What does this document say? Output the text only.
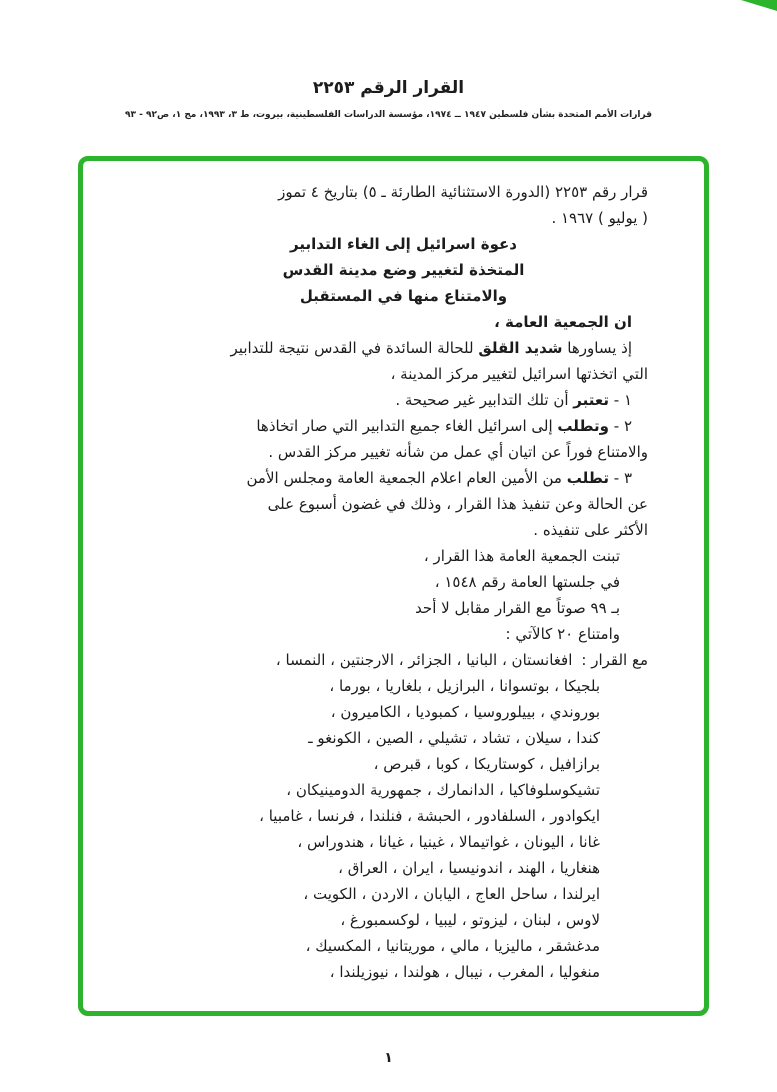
القرار الرقم ٢٢٥٣
قرارات الأمم المتحدة بشأن فلسطين ١٩٤٧ ــ ١٩٧٤، مؤسسة الدراسات الفلسطينية، بيروت، ط ٣، ١٩٩٣، مج ١، ص٩٢ - ٩٣
قرار رقم ٢٢٥٣ (الدورة الاستثنائية الطارئة ـ ٥) بتاريخ ٤ تموز
( يوليو ) ١٩٦٧ .
دعوة اسرائيل إلى الغاء التدابير
المتخذة لتغيير وضع مدينة القدس
والامتناع منها في المستقبل
ان الجمعية العامة ،
إذ يساورها شديد القلق للحالة السائدة في القدس نتيجة للتدابير
التي اتخذتها اسرائيل لتغيير مركز المدينة ،
١ - تعتبر أن تلك التدابير غير صحيحة .
٢ - وتطلب إلى اسرائيل الغاء جميع التدابير التي صار اتخاذها
والامتناع فوراً عن اتيان أي عمل من شأنه تغيير مركز القدس .
٣ - تطلب من الأمين العام اعلام الجمعية العامة ومجلس الأمن
عن الحالة وعن تنفيذ هذا القرار ، وذلك في غضون أسبوع على
الأكثر على تنفيذه .
تبنت الجمعية العامة هذا القرار ،
في جلستها العامة رقم ١٥٤٨ ،
بـ ٩٩ صوتاً مع القرار مقابل لا أحد
وامتناع ٢٠ كالآتي :
مع القرار :افغانستان ، البانيا ، الجزائر ، الارجنتين ، النمسا ،
بلجيكا ، بوتسوانا ، البرازيل ، بلغاريا ، بورما ،
بوروندي ، بييلوروسيا ، كمبوديا ، الكاميرون ،
كندا ، سيلان ، تشاد ، تشيلي ، الصين ، الكونغو ـ
برازافيل ، كوستاريكا ، كوبا ، قبرص ،
تشيكوسلوفاكيا ، الدانمارك ، جمهورية الدومينيكان ،
ايكوادور ، السلفادور ، الحبشة ، فنلندا ، فرنسا ، غامبيا ،
غانا ، اليونان ، غواتيمالا ، غينيا ، غيانا ، هندوراس ،
هنغاريا ، الهند ، اندونيسيا ، ايران ، العراق ،
ايرلندا ، ساحل العاج ، اليابان ، الاردن ، الكويت ،
لاوس ، لبنان ، ليزوتو ، ليبيا ، لوكسمبورغ ،
مدغشقر ، ماليزيا ، مالي ، موريتانيا ، المكسيك ،
منغوليا ، المغرب ، نيبال ، هولندا ، نيوزيلندا ،
١
